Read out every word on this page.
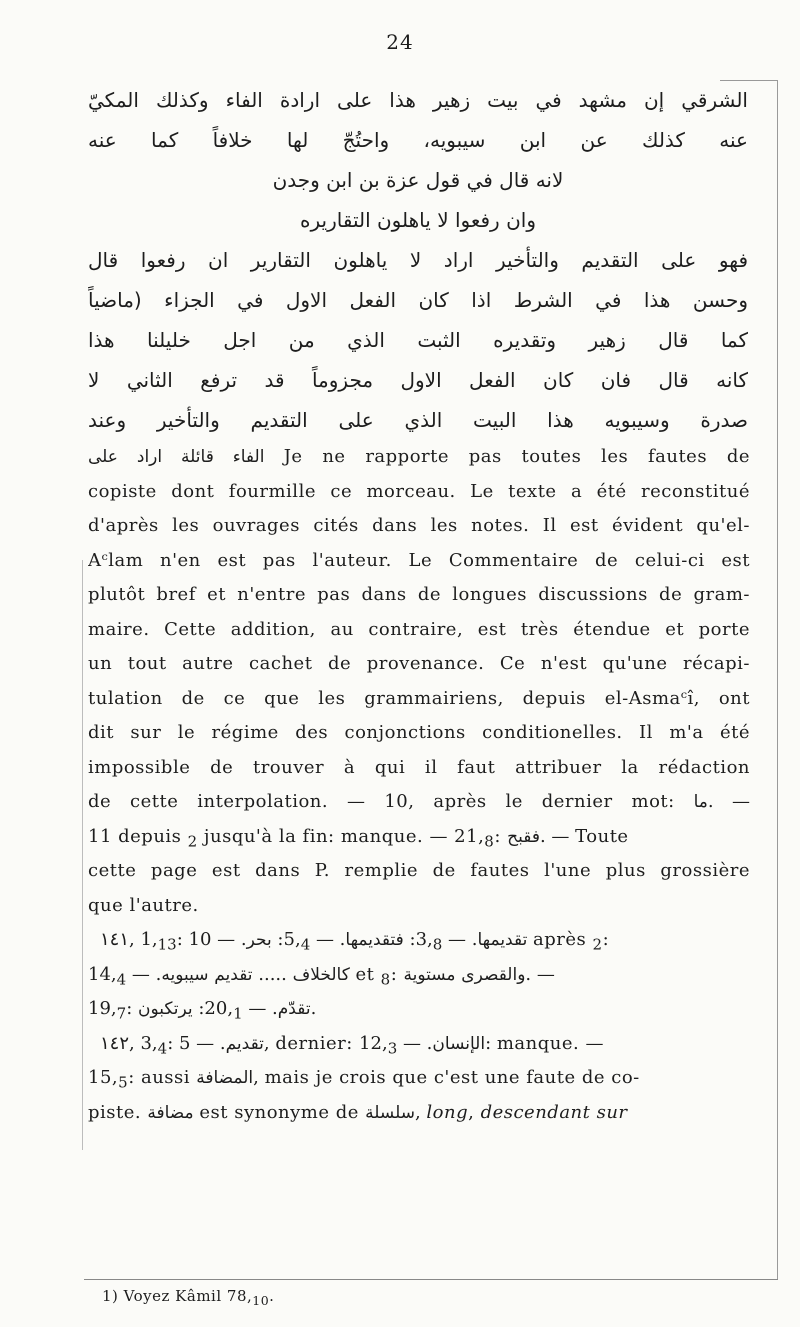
24
الشرقي إن مشهد في بيت زهير هذا على ارادة الفاء وكذلك المكيّ
عنه كذلك عن ابن سيبويه، واحتُجّ لها خلافاً كما عنه
لانه قال في قول عزة بن ابن وجدن
وان رفعوا لا ياهلون التقاريره
فهو على التقديم والتأخير اراد لا ياهلون التقارير ان رفعوا قال
وحسن هذا في الشرط اذا كان الفعل الاول في الجزاء (ماضياً
كما قال زهير وتقديره الثبت الذي من اجل خليلنا هذا
كانه قال فان كان الفعل الاول مجزوماً قد ترفع الثاني لا
صدرة وسيبويه هذا البيت الذي علی التقديم والتأخير وعند
الفاء قائلة اراد على Je ne rapporte pas toutes les fautes de
copiste dont fourmille ce morceau. Le texte a été reconstitué
d'après les ouvrages cités dans les notes. Il est évident qu'el-
Aᶜlam n'en est pas l'auteur. Le Commentaire de celui-ci est
plutôt bref et n'entre pas dans de longues discussions de gram-
maire. Cette addition, au contraire, est très étendue et porte
un tout autre cachet de provenance. Ce n'est qu'une récapi-
tulation de ce que les grammairiens, depuis el-Asmaᶜî, ont
dit sur le régime des conjonctions conditionelles. Il m'a été
impossible de trouver à qui il faut attribuer la rédaction
de cette interpolation. — 10, après le dernier mot: ما. —
11 depuis $_2$ jusqu'à la fin: manque. — $21,_8$: فقبح. — Toute
cette page est dans P. remplie de fautes l'une plus grossière
que l'autre.
١٤١, $1,_{13}$:	تقديمها. — $3,_8$: فتقديمها. — $5,_4$: بحر. — 10 après $_2$:
كالخلاف ..... تقديم سيبويه. — $14,_4$	et $_8$:	والقصرى مستوية	. —
$19,_7$:	تقدّم. — $20,_1$: يرتكبون	.
١٤٢, $3,_4$:	تقديم. — 5, dernier:	الإنسان. — $12,_3$	: manque. —
$15,_5$: aussi المضافة, mais je crois que c'est une faute de co-
piste. مضافة est synonyme de سلسلة, long, descendant sur
1) Voyez Kâmil $78,_{10}$.
